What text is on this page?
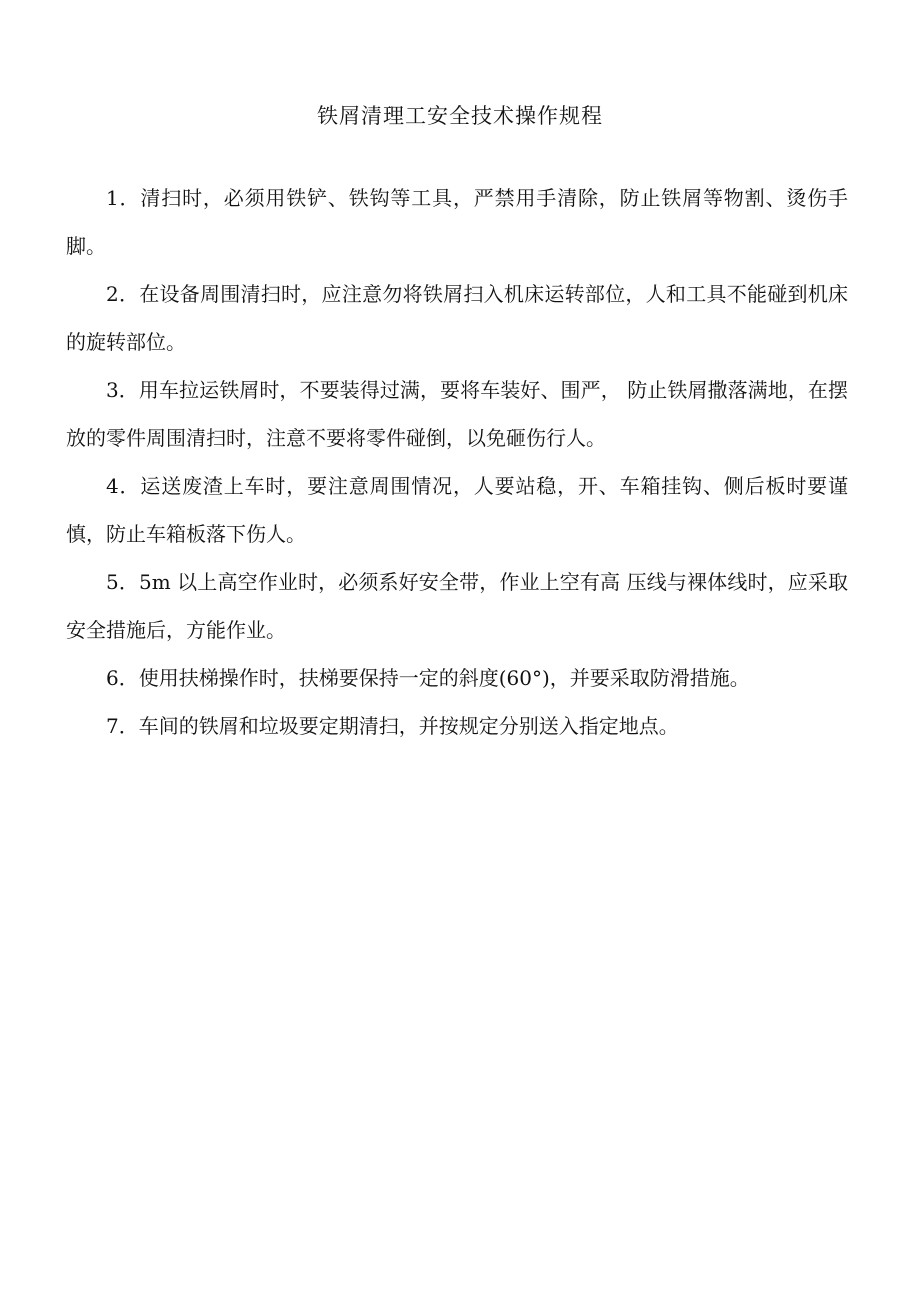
铁屑清理工安全技术操作规程
1．清扫时，必须用铁铲、铁钩等工具，严禁用手清除，防止铁屑等物割、烫伤手脚。
2．在设备周围清扫时，应注意勿将铁屑扫入机床运转部位，人和工具不能碰到机床的旋转部位。
3．用车拉运铁屑时，不要装得过满，要将车装好、围严， 防止铁屑撒落满地，在摆放的零件周围清扫时，注意不要将零件碰倒，以免砸伤行人。
4．运送废渣上车时，要注意周围情况，人要站稳，开、车箱挂钩、侧后板时要谨慎，防止车箱板落下伤人。
5．5m 以上高空作业时，必须系好安全带，作业上空有高 压线与裸体线时，应采取安全措施后，方能作业。
6．使用扶梯操作时，扶梯要保持一定的斜度(60°)，并要采取防滑措施。
7．车间的铁屑和垃圾要定期清扫，并按规定分别送入指定地点。
